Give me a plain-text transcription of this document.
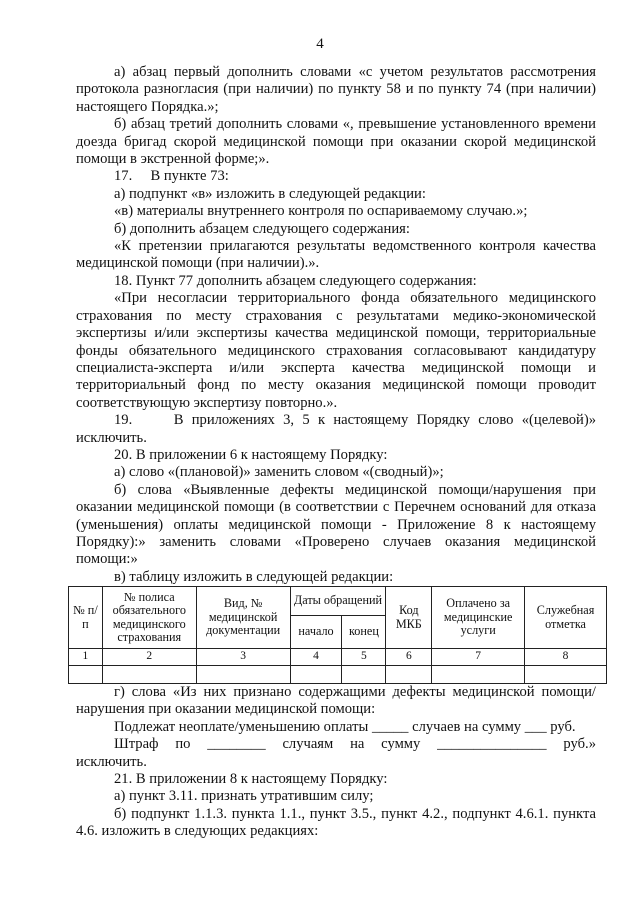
4

а) абзац первый дополнить словами «с учетом результатов рассмотрения протокола разногласия (при наличии) по пункту 58 и по пункту 74 (при наличии) настоящего Порядка.»;

б) абзац третий дополнить словами «, превышение установленного времени доезда бригад скорой медицинской помощи при оказании скорой медицинской помощи в экстренной форме;».

17.     В пункте 73:

а) подпункт «в» изложить в следующей редакции:

«в) материалы внутреннего контроля по оспариваемому случаю.»;

б) дополнить абзацем следующего содержания:

«К претензии прилагаются результаты ведомственного контроля качества медицинской помощи (при наличии).».

18. Пункт 77 дополнить абзацем следующего содержания:

«При несогласии территориального фонда обязательного медицинского страхования по месту страхования с результатами медико-экономической экспертизы и/или экспертизы качества медицинской помощи, территориальные фонды обязательного медицинского страхования согласовывают кандидатуру специалиста-эксперта и/или эксперта качества медицинской помощи и территориальный фонд по месту оказания медицинской помощи проводит соответствующую экспертизу повторно.».

19.     В приложениях 3, 5 к настоящему Порядку слово «(целевой)» исключить.

20. В приложении 6 к настоящему Порядку:

а) слово «(плановой)» заменить словом «(сводный)»;

б) слова «Выявленные дефекты медицинской помощи/нарушения при оказании медицинской помощи (в соответствии с Перечнем оснований для отказа (уменьшения) оплаты медицинской помощи - Приложение 8 к настоящему Порядку):» заменить словами «Проверено случаев оказания медицинской помощи:»

в) таблицу изложить в следующей редакции:

№ п/п	№ полиса обязательного медицинского страхования	Вид, № медицинской документации	Даты обращений		Код МКБ	Оплачено за медицинские услуги	Служебная отметка
			начало	конец			
1	2	3	4	5	6	7	8

г) слова «Из них признано содержащими дефекты медицинской помощи/нарушения при оказании медицинской помощи:

Подлежат неоплате/уменьшению оплаты _____ случаев на сумму ___ руб.

Штраф по ________ случаям на сумму _______________ руб.»

исключить.

21. В приложении 8 к настоящему Порядку:

а) пункт 3.11. признать утратившим силу;

б) подпункт 1.1.3. пункта 1.1., пункт 3.5., пункт 4.2., подпункт 4.6.1. пункта 4.6. изложить в следующих редакциях:
